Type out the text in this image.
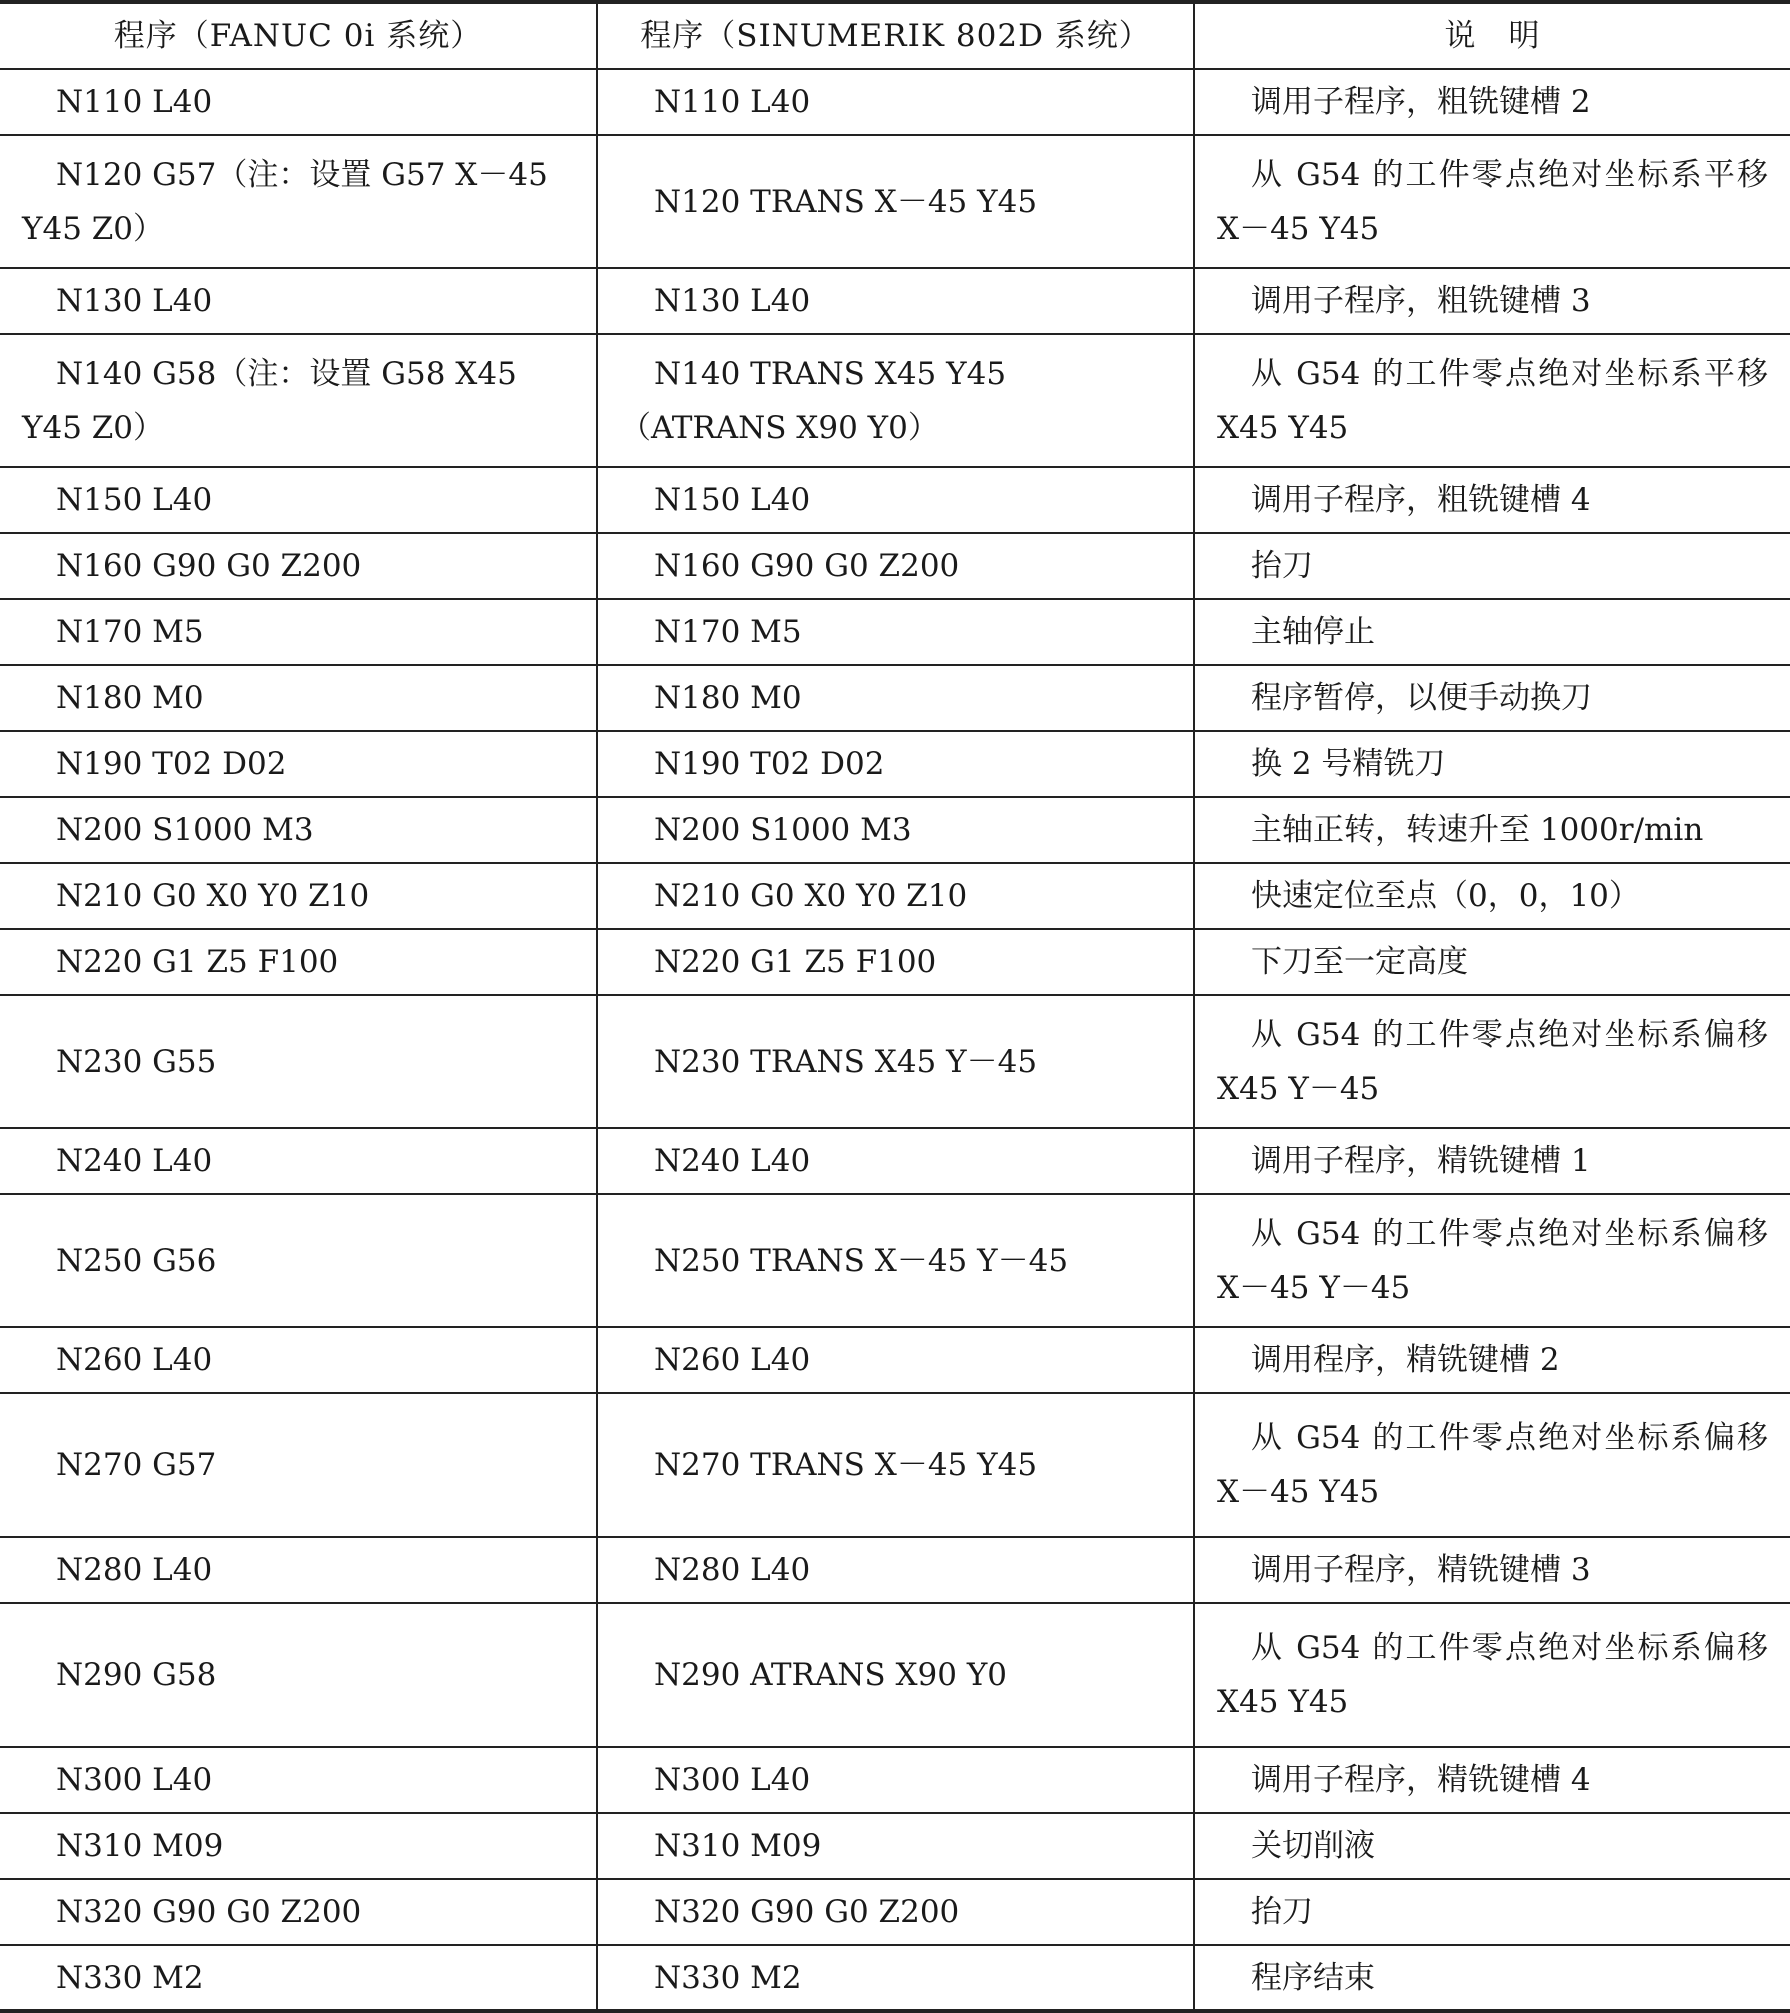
程序（FANUC 0i 系统）	程序（SINUMERIK 802D 系统）	说　明
N110 L40	N110 L40	调用子程序，粗铣键槽 2
N120 G57（注：设置 G57 X－45 Y45 Z0）	N120 TRANS X－45 Y45	从 G54 的工件零点绝对坐标系平移 X－45 Y45
N130 L40	N130 L40	调用子程序，粗铣键槽 3
N140 G58（注：设置 G58 X45 Y45 Z0）	N140 TRANS X45 Y45（ATRANS X90 Y0）	从 G54 的工件零点绝对坐标系平移 X45 Y45
N150 L40	N150 L40	调用子程序，粗铣键槽 4
N160 G90 G0 Z200	N160 G90 G0 Z200	抬刀
N170 M5	N170 M5	主轴停止
N180 M0	N180 M0	程序暂停，以便手动换刀
N190 T02 D02	N190 T02 D02	换 2 号精铣刀
N200 S1000 M3	N200 S1000 M3	主轴正转，转速升至 1000r/min
N210 G0 X0 Y0 Z10	N210 G0 X0 Y0 Z10	快速定位至点（0，0，10）
N220 G1 Z5 F100	N220 G1 Z5 F100	下刀至一定高度
N230 G55	N230 TRANS X45 Y－45	从 G54 的工件零点绝对坐标系偏移 X45 Y－45
N240 L40	N240 L40	调用子程序，精铣键槽 1
N250 G56	N250 TRANS X－45 Y－45	从 G54 的工件零点绝对坐标系偏移 X－45 Y－45
N260 L40	N260 L40	调用程序，精铣键槽 2
N270 G57	N270 TRANS X－45 Y45	从 G54 的工件零点绝对坐标系偏移 X－45 Y45
N280 L40	N280 L40	调用子程序，精铣键槽 3
N290 G58	N290 ATRANS X90 Y0	从 G54 的工件零点绝对坐标系偏移 X45 Y45
N300 L40	N300 L40	调用子程序，精铣键槽 4
N310 M09	N310 M09	关切削液
N320 G90 G0 Z200	N320 G90 G0 Z200	抬刀
N330 M2	N330 M2	程序结束
